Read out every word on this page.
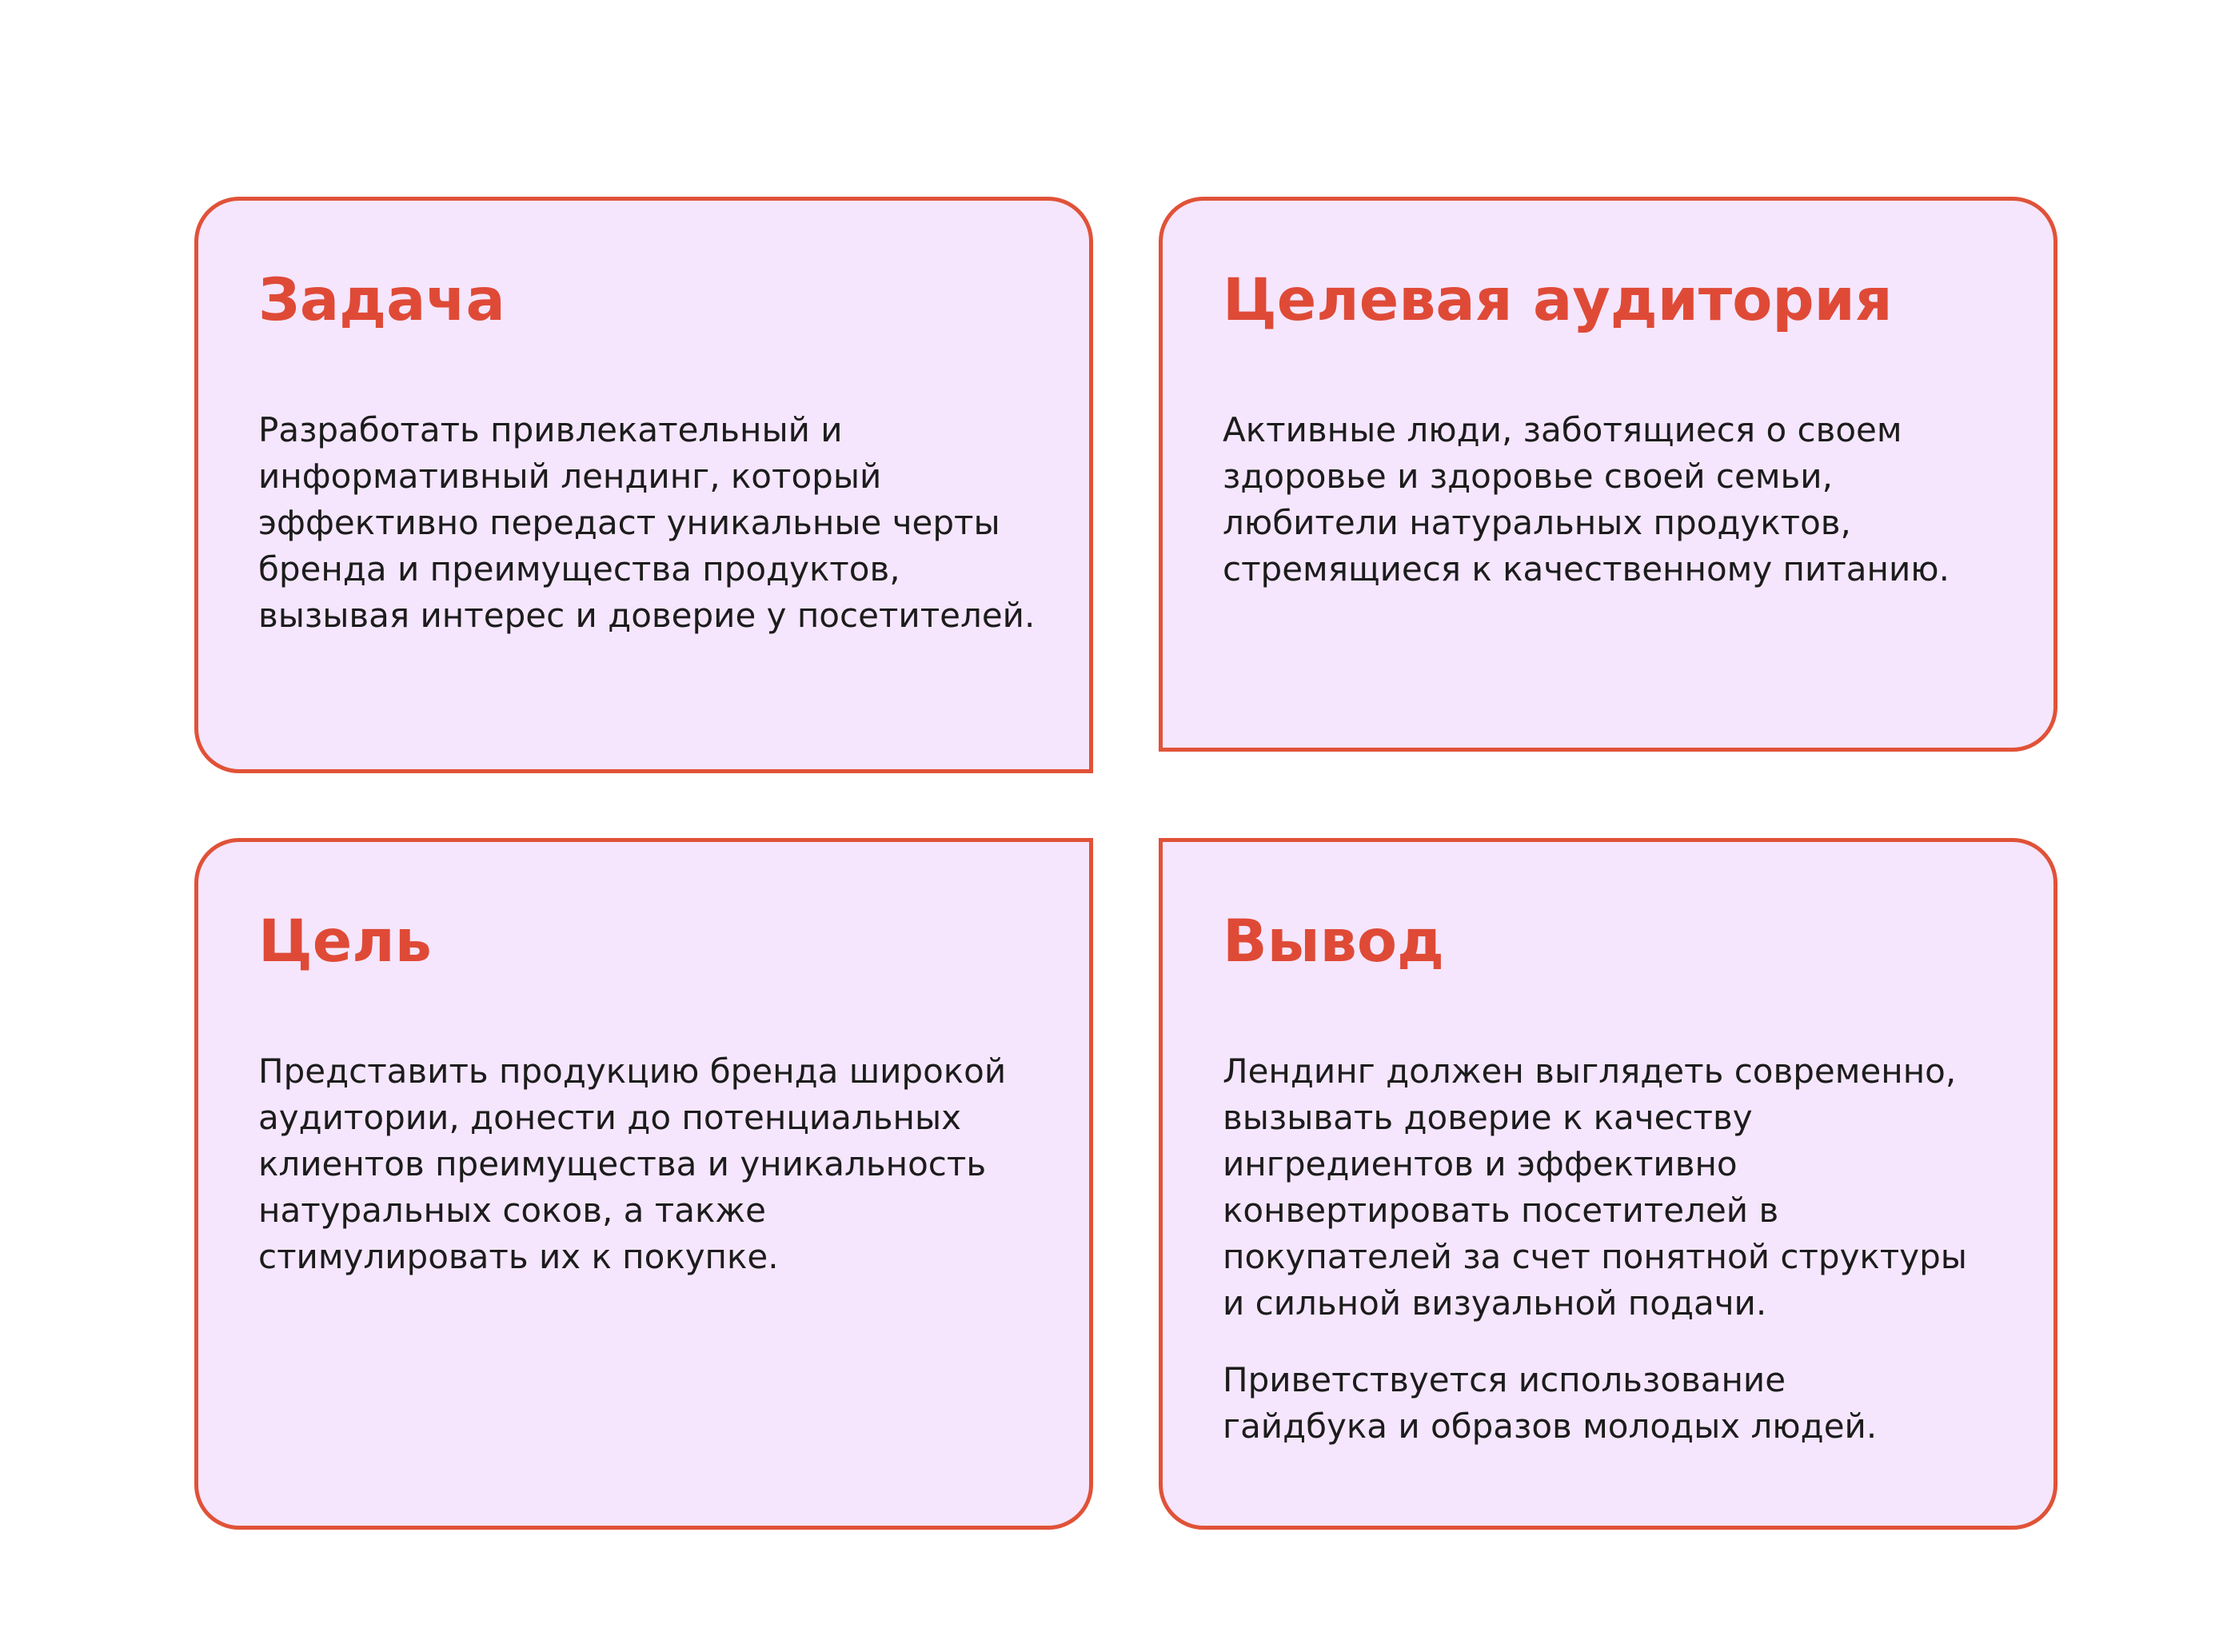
Задача

Разработать привлекательный и
информативный лендинг, который
эффективно передаст уникальные черты
бренда и преимущества продуктов,
вызывая интерес и доверие у посетителей.

Целевая аудитория

Активные люди, заботящиеся о своем
здоровье и здоровье своей семьи,
любители натуральных продуктов,
стремящиеся к качественному питанию.

Цель

Представить продукцию бренда широкой
аудитории, донести до потенциальных
клиентов преимущества и уникальность
натуральных соков, а также
стимулировать их к покупке.

Вывод

Лендинг должен выглядеть современно,
вызывать доверие к качеству
ингредиентов и эффективно
конвертировать посетителей в
покупателей за счет понятной структуры
и сильной визуальной подачи.

Приветствуется использование
гайдбука и образов молодых людей.
